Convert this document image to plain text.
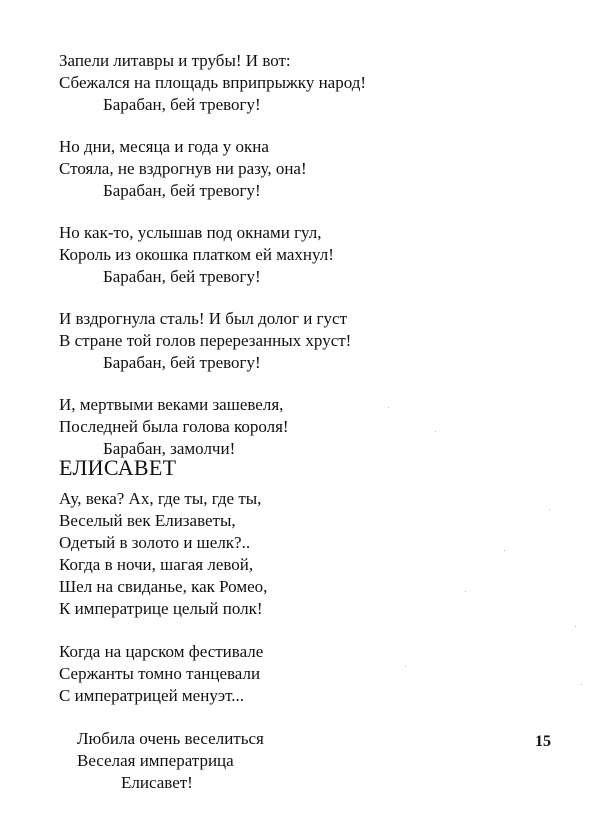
Запели литавры и трубы! И вот:
Сбежался на площадь вприпрыжку народ!
Барабан, бей тревогу!
Но дни, месяца и года у окна
Стояла, не вздрогнув ни разу, она!
Барабан, бей тревогу!
Но как-то, услышав под окнами гул,
Король из окошка платком ей махнул!
Барабан, бей тревогу!
И вздрогнула сталь! И был долог и густ
В стране той голов перерезанных хруст!
Барабан, бей тревогу!
И, мертвыми веками зашевеля,
Последней была голова короля!
Барабан, замолчи!
ЕЛИСАВЕТ
Ау, века? Ах, где ты, где ты,
Веселый век Елизаветы,
Одетый в золото и шелк?..
Когда в ночи, шагая левой,
Шел на свиданье, как Ромео,
К императрице целый полк!
Когда на царском фестивале
Сержанты томно танцевали
С императрицей менуэт...
Любила очень веселиться
Веселая императрица
Елисавет!
15
